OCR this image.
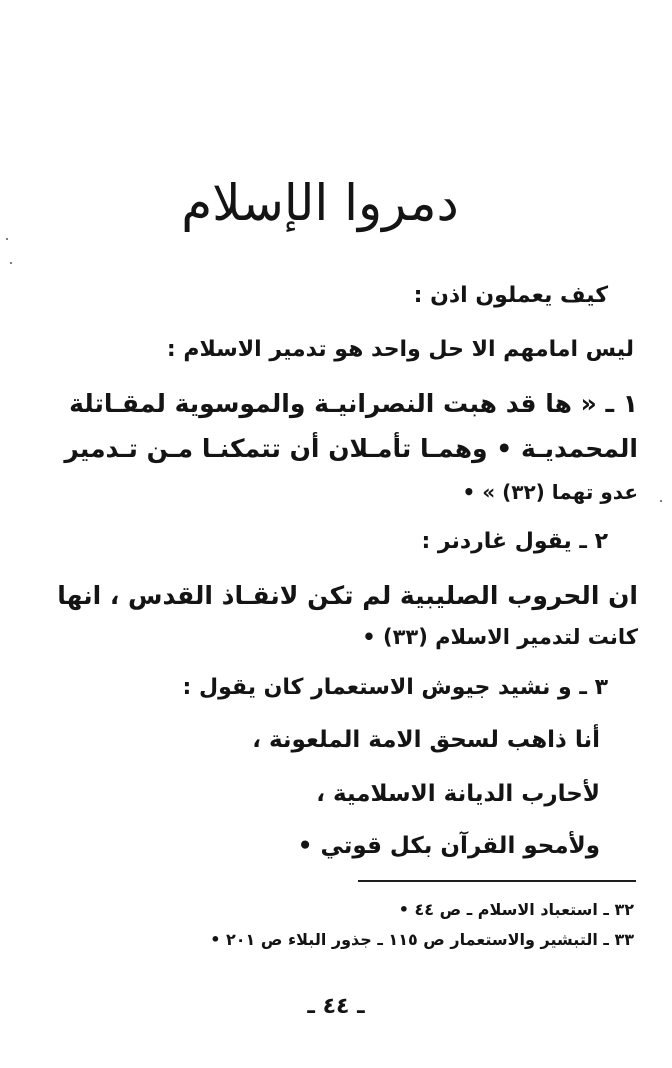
دمروا الإسلام
كيف يعملون اذن :
ليس امامهم الا حل واحد هو تدمير الاسلام :
١ ـ « ها قد هبت النصرانيـة والموسوية لمقـاتلة
المحمديـة • وهمـا تأمـلان أن تتمكنـا مـن تـدمير
عدو تهما (٣٢) » •
٢ ـ يقول غاردنر :
ان الحروب الصليبية لم تكن لانقـاذ القدس ، انها
كانت لتدمير الاسلام (٣٣) •
٣ ـ و نشيد جيوش الاستعمار كان يقول :
أنا ذاهب لسحق الامة الملعونة ،
لأحارب الديانة الاسلامية ،
ولأمحو القرآن بكل قوتي •
٣٢ ـ استعباد الاسلام ـ ص ٤٤ •
٣٣ ـ التبشير والاستعمار ص ١١٥ ـ جذور البلاء ص ٢٠١ •
ـ ٤٤ ـ
